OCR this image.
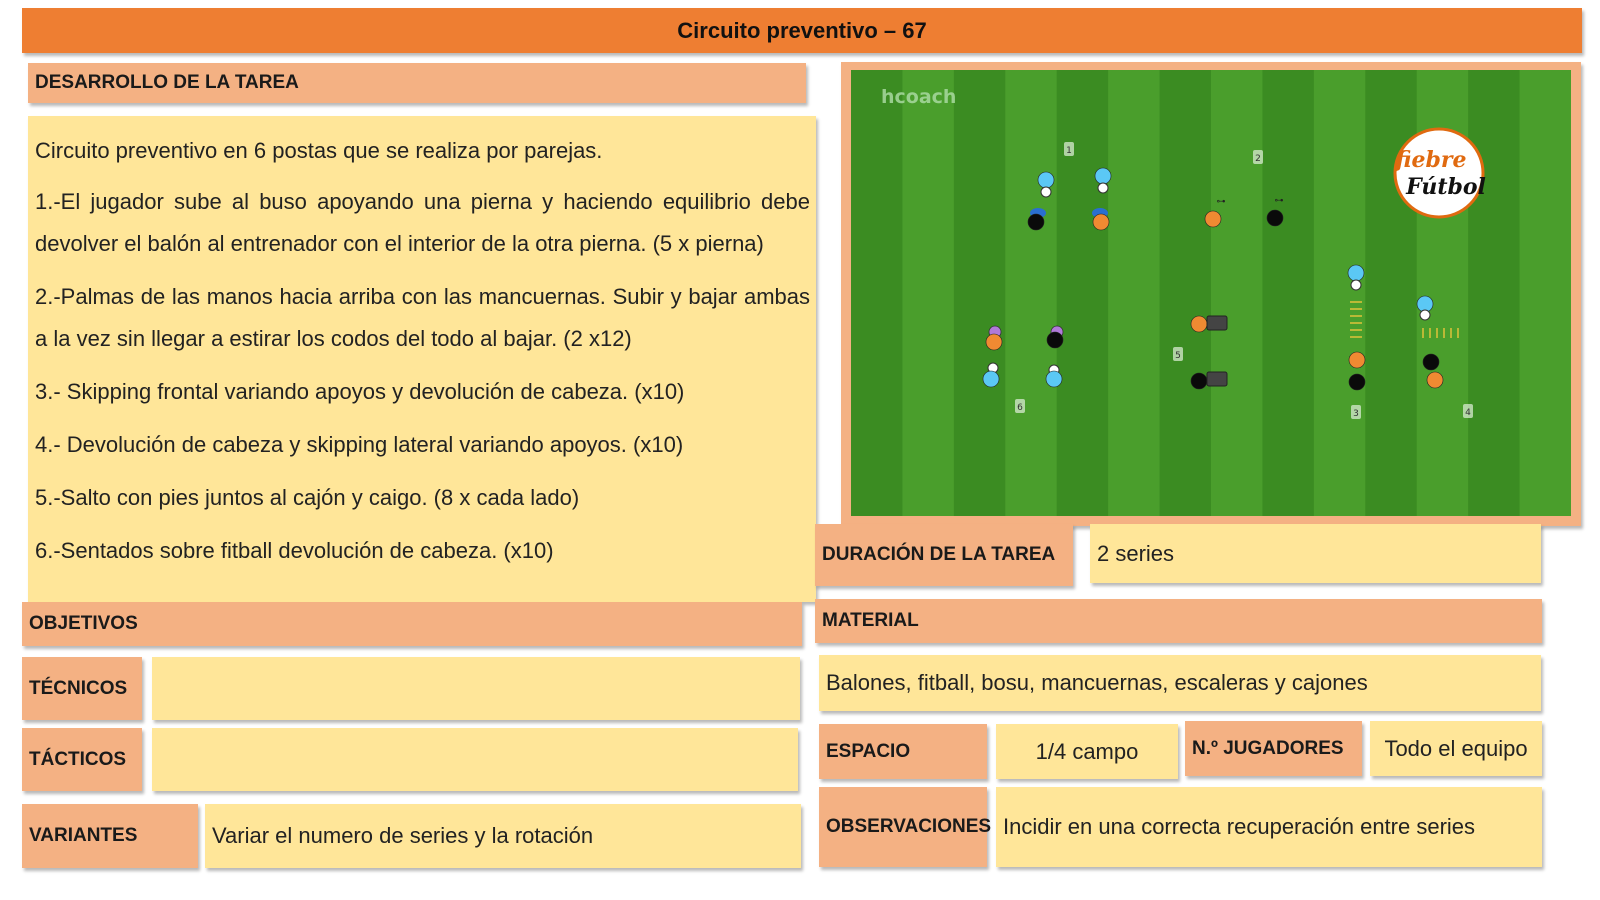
Circuito preventivo – 67
DESARROLLO DE LA TAREA

Circuito preventivo en 6 postas que se realiza por parejas.

1.-El jugador sube al buso apoyando una pierna y haciendo equilibrio debe devolver el balón al entrenador con el interior de la otra pierna. (5 x pierna)

2.-Palmas de las manos hacia arriba con las mancuernas. Subir y bajar ambas a la vez sin llegar a estirar los codos del todo al bajar. (2 x12)

3.- Skipping frontal variando apoyos y devolución de cabeza. (x10)

4.- Devolución de cabeza y skipping lateral variando apoyos. (x10)

5.-Salto con pies juntos al cajón y caigo. (8 x cada lado)

6.-Sentados sobre fitball devolución de cabeza. (x10)

OBJETIVOS
TÉCNICOS
TÁCTICOS
VARIANTES	Variar el numero de series y la rotación
hcoach
fiebre
Fútbol
1
2
3	4
5
6
⊶	⊶
DURACIÓN DE LA TAREA	2 series
MATERIAL
Balones, fitball, bosu, mancuernas, escaleras y cajones
ESPACIO	1/4 campo	N.º JUGADORES	Todo el equipo
OBSERVACIONES Incidir en una correcta recuperación entre series
